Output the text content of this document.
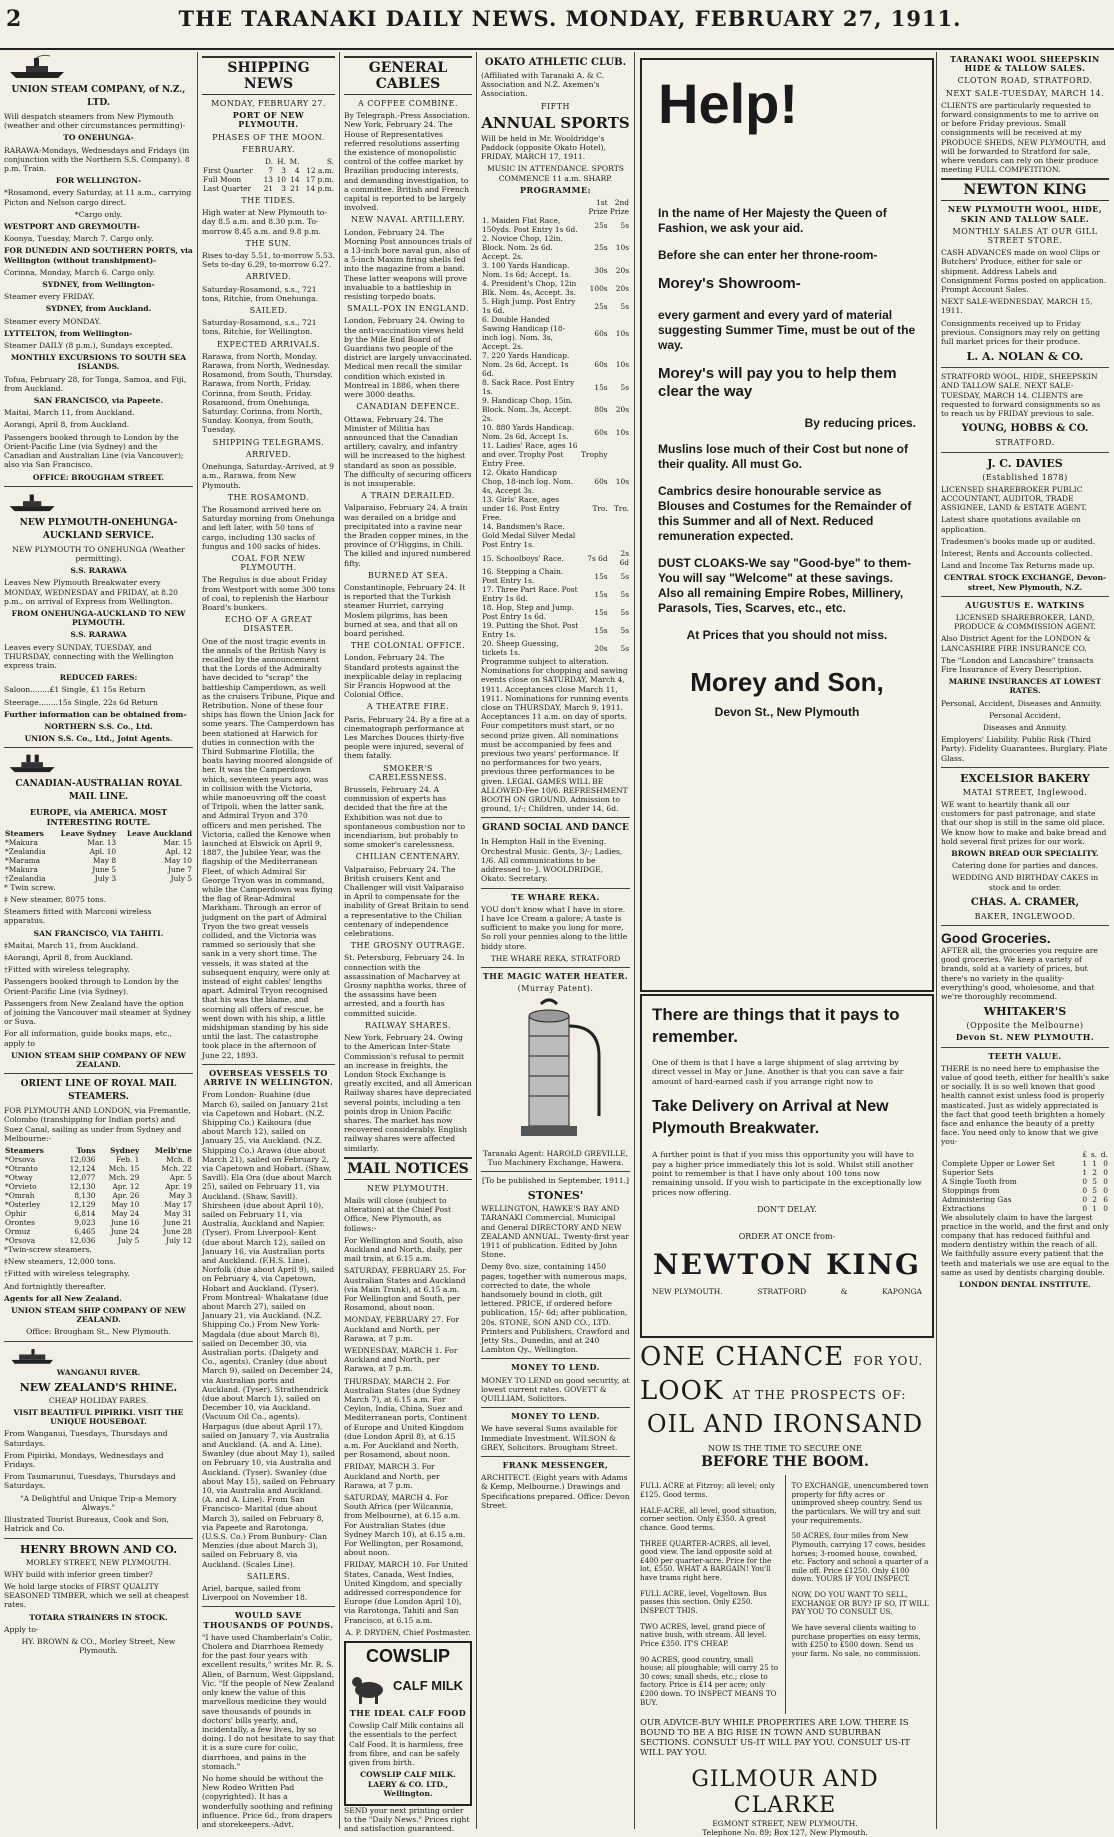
2	THE TARANAKI DAILY NEWS. MONDAY, FEBRUARY 27, 1911.
UNION STEAM COMPANY, of N.Z., LTD.

Will despatch steamers from New Plymouth (weather and other circumstances permitting)-

TO ONEHUNGA-

RARAWA-Mondays, Wednesdays and Fridays (in conjunction with the Northern S.S. Company). 8 p.m. Train.

FOR WELLINGTON-

*Rosamond, every Saturday, at 11 a.m., carrying Picton and Nelson cargo direct.

*Cargo only.

WESTPORT AND GREYMOUTH-

Koonya, Tuesday, March 7. Cargo only.

FOR DUNEDIN AND SOUTHERN PORTS, via Wellington (without transhipment)-

Corinna, Monday, March 6. Cargo only.

SYDNEY, from Wellington-

Steamer every FRIDAY.

SYDNEY, from Auckland.

Steamer every MONDAY.

LYTTELTON, from Wellington-

Steamer DAILY (8 p.m.), Sundays excepted.

MONTHLY EXCURSIONS TO SOUTH SEA ISLANDS.

Tofua, February 28, for Tonga, Samoa, and Fiji, from Auckland.

SAN FRANCISCO, via Papeete.

Maitai, March 11, from Auckland.

Aorangi, April 8, from Auckland.

Passengers booked through to London by the Orient-Pacific Line (via Sydney) and the Canadian and Australian Line (via Vancouver); also via San Francisco.

OFFICE: BROUGHAM STREET.

NEW PLYMOUTH-ONEHUNGA-AUCKLAND SERVICE.

NEW PLYMOUTH TO ONEHUNGA (Weather permitting).

S.S. RARAWA

Leaves New Plymouth Breakwater every MONDAY, WEDNESDAY and FRIDAY, at 8.20 p.m., on arrival of Express from Wellington.

FROM ONEHUNGA-AUCKLAND TO NEW PLYMOUTH.

S.S. RARAWA

Leaves every SUNDAY, TUESDAY, and THURSDAY, connecting with the Wellington express train.

REDUCED FARES:

Saloon........£1 Single, £1 15s Return

Steerage........15s Single, 22s 6d Return

Further information can be obtained from-

NORTHERN S.S. Co., Ltd.

UNION S.S. Co., Ltd., Joint Agents.

CANADIAN-AUSTRALIAN ROYAL MAIL LINE.
EUROPE, via AMERICA. MOST INTERESTING ROUTE.
Steamers	Leave Sydney	Leave Auckland
*Makura	Mar. 13	Mar. 15
*Zealandia	Apl. 10	Apl. 12
*Marama	May 8	May 10
*Makura	June 5	June 7
†Zealandia	July 3	July 5

* Twin screw.

‡ New steamer, 8075 tons.

Steamers fitted with Marconi wireless apparatus.

SAN FRANCISCO, VIA TAHITI.

‡Maitai, March 11, from Auckland.

‡Aorangi, April 8, from Auckland.

†Fitted with wireless telegraphy.

Passengers booked through to London by the Orient-Pacific Line (via Sydney).

Passengers from New Zealand have the option of joining the Vancouver mail steamer at Sydney or Suva.

For all information, guide books maps, etc., apply to

UNION STEAM SHIP COMPANY OF NEW ZEALAND.

ORIENT LINE OF ROYAL MAIL STEAMERS.

FOR PLYMOUTH AND LONDON, via Fremantle, Colombo (transhipping for Indian ports) and Suez Canal, sailing as under from Sydney and Melbourne:-

Steamers	Tons	Sydney	Melb'rne
*Orsova	12,036	Feb. 1	Mch. 8
*Otranto	12,124	Mch. 15	Mch. 22
*Otway	12,077	Mch. 29	Apr. 5
*Orvieto	12,130	Apr. 12	Apr. 19
*Omrah	8,130	Apr. 26	May 3
*Osterley	12,129	May 10	May 17
Ophir	6,814	May 24	May 31
Orontes	9,023	June 16	June 21
Ormuz	6,465	June 24	June 28
*Orsova	12,036	July 5	July 12

*Twin-screw steamers.

‡New steamers, 12,000 tons.

†Fitted with wireless telegraphy.

And fortnightly thereafter.

Agents for all New Zealand.

UNION STEAM SHIP COMPANY OF NEW ZEALAND.

Office: Brougham St., New Plymouth.

WANGANUI RIVER.
NEW ZEALAND'S RHINE.

CHEAP HOLIDAY FARES.

VISIT BEAUTIFUL PIPIRIKI. VISIT THE UNIQUE HOUSEBOAT.

From Wanganui, Tuesdays, Thursdays and Saturdays.

From Pipiriki, Mondays, Wednesdays and Fridays.

From Taumarunui, Tuesdays, Thursdays and Saturdays.

"A Delightful and Unique Trip-a Memory Always."

Illustrated Tourist Bureaux, Cook and Son, Hatrick and Co.

HENRY BROWN AND CO.

MORLEY STREET, NEW PLYMOUTH.

WHY build with inferior green timber?

We hold large stocks of FIRST QUALITY SEASONED TIMBER, which we sell at cheapest rates.

TOTARA STRAINERS IN STOCK.

Apply to-

HY. BROWN & CO., Morley Street, New Plymouth.

SHIPPING NEWS
MONDAY, FEBRUARY 27.
PORT OF NEW PLYMOUTH.
PHASES OF THE MOON.
FEBRUARY.
	D.	H.	M.	S.
First Quarter	7	3	4	12 a.m.
Full Moon	13	10	14	17 p.m.
Last Quarter	21	3	21	14 p.m.
THE TIDES.

High water at New Plymouth to-day 8.5 a.m. and 8.30 p.m. To-morrow 8.45 a.m. and 9.8 p.m.

THE SUN.

Rises to-day 5.51, to-morrow 5.53. Sets to-day 6.29, to-morrow 6.27.

ARRIVED.

Saturday-Rosamond, s.s., 721 tons, Ritchie, from Onehunga.

SAILED.

Saturday-Rosamond, s.s., 721 tons, Ritchie, for Wellington.

EXPECTED ARRIVALS.

Rarawa, from North, Monday. Rarawa, from North, Wednesday. Rosamond, from South, Thursday. Rarawa, from North, Friday. Corinna, from South, Friday. Rosamond, from Onehunga, Saturday. Corinna, from North, Sunday. Koonya, from South, Tuesday.

SHIPPING TELEGRAMS.
ARRIVED.

Onehunga, Saturday.-Arrived, at 9 a.m., Rarawa, from New Plymouth.

THE ROSAMOND.

The Rosamond arrived here on Saturday morning from Onehunga and left later, with 50 tons of cargo, including 130 sacks of fungus and 100 sacks of hides.

COAL FOR NEW PLYMOUTH.

The Regulus is due about Friday from Westport with some 300 tons of coal, to replenish the Harbour Board's bunkers.

ECHO OF A GREAT DISASTER.

One of the most tragic events in the annals of the British Navy is recalled by the announcement that the Lords of the Admiralty have decided to "scrap" the battleship Camperdown, as well as the cruisers Tribune, Pique and Retribution. None of these four ships has flown the Union Jack for some years. The Camperdown has been stationed at Harwich for duties in connection with the Third Submarine Flotilla, the boats having moored alongside of her. It was the Camperdown which, seventeen years ago, was in collision with the Victoria, while manoeuvring off the coast of Tripoli, when the latter sank, and Admiral Tryon and 370 officers and men perished. The Victoria, called the Kenowe when launched at Elswick on April 9, 1887, the Jubilee Year, was the flagship of the Mediterranean Fleet, of which Admiral Sir George Tryon was in command, while the Camperdown was flying the flag of Rear-Admiral Markham. Through an error of judgment on the part of Admiral Tryon the two great vessels collided, and the Victoria was rammed so seriously that she sank in a very short time. The vessels, it was stated at the subsequent enquiry, were only at instead of eight cables' lengths apart. Admiral Tryon recognised that his was the blame, and scorning all offers of rescue, he went down with his ship, a little midshipman standing by his side until the last. The catastrophe took place in the afternoon of June 22, 1893.

OVERSEAS VESSELS TO ARRIVE IN WELLINGTON.

From London- Ruahine (due March 6), sailed on January 21st via Capetown and Hobart. (N.Z. Shipping Co.) Kaikoura (due about March 12), sailed on January 25, via Auckland. (N.Z. Shipping Co.) Arawa (due about March 21), sailed on February 2, via Capetown and Hobart. (Shaw, Savill). Ela Ora (due about March 25), sailed on February 11, via Auckland. (Shaw, Savill). Shirsheen (due about April 10), sailed on February 11, via Australia, Auckland and Napier. (Tyser). From Liverpool- Kent (due about March 12), sailed on January 16, via Australian ports and Auckland. (F.H.S. Line). Norfolk (due about April 9), sailed on February 4, via Capetown, Hobart and Auckland. (Tyser). From Montreal- Whakatane (due about March 27), sailed on January 21, via Auckland. (N.Z. Shipping Co.) From New York- Magdala (due about March 8), sailed on December 30, via Australian ports. (Dalgety and Co., agents). Cranley (due about March 9), sailed on December 24, via Australian ports and Auckland. (Tyser). Strathendrick (due about March 1), sailed on December 10, via Auckland. (Vacuum Oil Co., agents). Harpagus (due about April 17), sailed on January 7, via Australia and Auckland. (A. and A. Line). Swanley (due about May 1), sailed on February 10, via Australia and Auckland. (Tyser). Swanley (due about May 15), sailed on February 10, via Australia and Auckland. (A. and A. Line). From San Francisco- Marital (due about March 3), sailed on February 8, via Papeete and Rarotonga. (U.S.S. Co.) From Bunbury- Clan Menzies (due about March 3), sailed on February 8, via Auckland. (Scales Line).

SAILERS.

Ariel, barque, sailed from Liverpool on November 18.

WOULD SAVE THOUSANDS OF POUNDS.

"I have used Chamberlain's Colic, Cholera and Diarrhoea Remedy for the past four years with excellent results," writes Mr. R. S. Allen, of Barnum, West Gippsland, Vic. "If the people of New Zealand only knew the value of this marvellous medicine they would save thousands of pounds in doctors' bills yearly, and, incidentally, a few lives, by so doing. I do not hesitate to say that it is a sure cure for colic, diarrhoea, and pains in the stomach."

No home should be without the New Rodeo Written Pad (copyrighted). It has a wonderfully soothing and refining influence. Price 6d., from drapers and storekeepers.-Advt.

GENERAL CABLES
A COFFEE COMBINE.

By Telegraph.-Press Association. New York, February 24. The House of Representatives referred resolutions asserting the existence of monopolistic control of the coffee market by Brazilian producing interests, and demanding investigation, to a committee. British and French capital is reported to be largely involved.

NEW NAVAL ARTILLERY.

London, February 24. The Morning Post announces trials of a 13-inch bore naval gun, also of a 5-inch Maxim firing shells fed into the magazine from a band. These latter weapons will prove invaluable to a battleship in resisting torpedo boats.

SMALL-POX IN ENGLAND.

London, February 24. Owing to the anti-vaccination views held by the Mile End Board of Guardians two people of the district are largely unvaccinated. Medical men recall the similar condition which existed in Montreal in 1886, when there were 3000 deaths.

CANADIAN DEFENCE.

Ottawa, February 24. The Minister of Militia has announced that the Canadian artillery, cavalry, and infantry will be increased to the highest standard as soon as possible. The difficulty of securing officers is not insuperable.

A TRAIN DERAILED.

Valparaiso, February 24. A train was derailed on a bridge and precipitated into a ravine near the Braden copper mines, in the province of O'Higgins, in Chili. The killed and injured numbered fifty.

BURNED AT SEA.

Constantinople, February 24. It is reported that the Turkish steamer Hurriet, carrying Moslem pilgrims, has been burned at sea, and that all on board perished.

THE COLONIAL OFFICE.

London, February 24. The Standard protests against the inexplicable delay in replacing Sir Francis Hopwood at the Colonial Office.

A THEATRE FIRE.

Paris, February 24. By a fire at a cinematograph performance at Les Marches Douces thirty-five people were injured, several of them fatally.

SMOKER'S CARELESSNESS.

Brussels, February 24. A commission of experts has decided that the fire at the Exhibition was not due to spontaneous combustion nor to incendiarism, but probably to some smoker's carelessness.

CHILIAN CENTENARY.

Valparaiso, February 24. The British cruisers Kent and Challenger will visit Valparaiso in April to compensate for the inability of Great Britain to send a representative to the Chilian centenary of independence celebrations.

THE GROSNY OUTRAGE.

St. Petersburg, February 24. In connection with the assassination of Macharvey at Grosny naphtha works, three of the assassins have been arrested, and a fourth has committed suicide.

RAILWAY SHARES.

New York, February 24. Owing to the American Inter-State Commission's refusal to permit an increase in freights, the London Stock Exchange is greatly excited, and all American Railway shares have depreciated several points, including a ten points drop in Union Pacific shares. The market has now recovered considerably. English railway shares were affected similarly.

MAIL NOTICES
NEW PLYMOUTH.

Mails will close (subject to alteration) at the Chief Post Office, New Plymouth, as follows:-

For Wellington and South, also Auckland and North, daily, per mail train, at 6.15 a.m.

SATURDAY, FEBRUARY 25. For Australian States and Auckland (via Main Trunk), at 6.15 a.m. For Wellington and South, per Rosamond, about noon.

MONDAY, FEBRUARY 27. For Auckland and North, per Rarawa, at 7 p.m.

WEDNESDAY, MARCH 1. For Auckland and North, per Rarawa, at 7 p.m.

THURSDAY, MARCH 2. For Australian States (due Sydney March 7), at 6.15 a.m. For Ceylon, India, China, Suez and Mediterranean ports, Continent of Europe and United Kingdom (due London April 8), at 6.15 a.m. For Auckland and North, per Rosamond, about noon.

FRIDAY, MARCH 3. For Auckland and North, per Rarawa, at 7 p.m.

SATURDAY, MARCH 4. For South Africa (per Wilcannia, from Melbourne), at 6.15 a.m. For Australian States (due Sydney March 10), at 6.15 a.m. For Wellington, per Rosamond, about noon.

FRIDAY, MARCH 10. For United States, Canada, West Indies, United Kingdom, and specially addressed correspondence for Europe (due London April 10), via Rarotonga, Tahiti and San Francisco, at 6.15 a.m.

A. P. DRYDEN, Chief Postmaster.

COWSLIP
CALF MILK
THE IDEAL CALF FOOD

Cowslip Calf Milk contains all the essentials to the perfect Calf Food. It is harmless, free from fibre, and can be safely given from birth.

COWSLIP CALF MILK. LAERY & CO. LTD., Wellington.

SEND your next printing order to the "Daily News." Prices right and satisfaction guaranteed.

OKATO ATHLETIC CLUB.

(Affiliated with Taranaki A. & C. Association and N.Z. Axemen's Association.

FIFTH
ANNUAL SPORTS

Will be held in Mr. Wooldridge's Paddock (opposite Okato Hotel), FRIDAY, MARCH 17, 1911.

MUSIC IN ATTENDANCE. SPORTS COMMENCE 11 a.m. SHARP.

PROGRAMME:
	1st	2nd
	Prize	Prize
1. Maiden Flat Race, 150yds. Post Entry 1s 6d.	25s	5s
2. Novice Chop, 12in. Block. Nom. 2s 6d. Accept. 2s.	25s	10s
3. 100 Yards Handicap. Nom. 1s 6d; Accept. 1s.	30s	20s
4. President's Chop, 12in Blk. Nom. 4s, Accept. 3s.	100s	20s
5. High Jump. Post Entry 1s 6d.	25s	5s
6. Double Handed Sawing Handicap (18-inch log). Nom. 3s, Accept. 2s.	60s	10s
7. 220 Yards Handicap. Nom. 2s 6d, Accept. 1s 6d.	60s	10s
8. Sack Race. Post Entry 1s.	15s	5s
9. Handicap Chop, 15in. Block. Nom. 3s, Accept. 2s.	80s	20s
10. 880 Yards Handicap. Nom. 2s 6d, Accept 1s.	60s	10s
11. Ladies' Race, ages 16 and over. Trophy Post Entry Free.	Trophy	
12. Okato Handicap Chop, 18-inch log. Nom. 4s, Accept 3s.	60s	10s
13. Girls' Race, ages under 16. Post Entry Free.	Tro.	Tro.
14. Bandsmen's Race.		
Gold Medal Silver Medal Post Entry 1s.		
15. Schoolboys' Race.	7s 6d	2s 6d
16. Stepping a Chain. Post Entry 1s.	15s	5s
17. Three Part Race. Post Entry 1s 6d.	15s	5s
18. Hop, Step and Jump. Post Entry 1s 6d.	15s	5s
19. Putting the Shot. Post Entry 1s.	15s	5s
20. Sheep Guessing, tickets 1s.	20s	5s

Programme subject to alteration. Nominations for chopping and sawing events close on SATURDAY, March 4, 1911. Acceptances close March 11, 1911. Nominations for running events close on THURSDAY, March 9, 1911. Acceptances 11 a.m. on day of sports. Four competitors must start, or no second prize given. All nominations must be accompanied by fees and previous two years' performance. If no performances for two years, previous three performances to be given. LEGAL GAMES WILL BE ALLOWED-Fee 10/6. REFRESHMENT BOOTH ON GROUND. Admission to ground, 1/-; Children, under 14, 6d.

GRAND SOCIAL AND DANCE

In Hempton Hall in the Evening. Orchestral Music. Gents, 3/-; Ladies, 1/6. All communications to be addressed to- J. WOOLDRIDGE, Okato. Secretary.

TE WHARE REKA.

YOU don't know what I have in store. I have Ice Cream a galore; A taste is sufficient to make you long for more, So roll your pennies along to the little biddy store.

THE WHARE REKA, STRATFORD

THE MAGIC WATER HEATER.
(Murray Patent).

Taranaki Agent: HAROLD GREVILLE, Tuo Machinery Exchange, Hawera.

[To be published in September, 1911.]

STONES'

WELLINGTON, HAWKE'S BAY AND TARANAKI Commercial, Municipal and General DIRECTORY AND NEW ZEALAND ANNUAL. Twenty-first year 1911 of publication. Edited by John Stone.

Demy 8vo. size, containing 1450 pages, together with numerous maps, corrected to date, the whole handsomely bound in cloth, gilt lettered. PRICE, if ordered before publication, 15/- 6d; after publication, 20s. STONE, SON AND CO., LTD. Printers and Publishers, Crawford and Jetty Sts., Dunedin, and at 240 Lambton Qy., Wellington.

MONEY TO LEND.

MONEY TO LEND on good security, at lowest current rates. GOVETT & QUILLIAM, Solicitors.

MONEY TO LEND.

We have several Sums available for Immediate Investment. WILSON & GREY, Solicitors. Brougham Street.

FRANK MESSENGER,

ARCHITECT. (Eight years with Adams & Kemp, Melbourne.) Drawings and Specifications prepared. Office: Devon Street.

Help!

In the name of Her Majesty the Queen of Fashion, we ask your aid.

Before she can enter her throne-room-

Morey's Showroom-

every garment and every yard of material suggesting Summer Time, must be out of the way.

Morey's will pay you to help them clear the way

By reducing prices.

Muslins lose much of their Cost but none of their quality. All must Go.

Cambrics desire honourable service as Blouses and Costumes for the Remainder of this Summer and all of Next. Reduced remuneration expected.

DUST CLOAKS-We say "Good-bye" to them-You will say "Welcome" at these savings. Also all remaining Empire Robes, Millinery, Parasols, Ties, Scarves, etc., etc.

At Prices that you should not miss.

Morey and Son,
Devon St., New Plymouth
There are things that it pays to remember.

One of them is that I have a large shipment of slag arriving by direct vessel in May or June. Another is that you can save a fair amount of hard-earned cash if you arrange right now to

Take Delivery on Arrival at New Plymouth Breakwater.

A further point is that if you miss this opportunity you will have to pay a higher price immediately this lot is sold. Whilst still another point to remember is that I have only about 100 tons now remaining unsold. If you wish to participate in the exceptionally low prices now offering.

DON'T DELAY.

ORDER AT ONCE from-

NEWTON KING
NEW PLYMOUTH.	STRATFORD	&	KAPONGA
ONE CHANCE FOR YOU.
LOOK AT THE PROSPECTS OF:
OIL AND IRONSAND
NOW IS THE TIME TO SECURE ONE
BEFORE THE BOOM.

FULL ACRE at Fitzroy; all level; only £125. Good terms.

HALF-ACRE, all level, good situation, corner section. Only £350. A great chance. Good terms.

THREE QUARTER-ACRES, all level, good view. The land opposite sold at £400 per quarter-acre. Price for the lot, £550. WHAT A BARGAIN! You'll have trams right here.

FULL ACRE, level, Vogeltown. Bus passes this section. Only £250. INSPECT THIS.

TWO ACRES, level, grand piece of native bush, with stream. All level. Price £350. IT'S CHEAP.

90 ACRES, good country, small house; all ploughable; will carry 25 to 30 cows; small sheds, etc.; close to factory. Price is £14 per acre; only £200 down. TO INSPECT MEANS TO BUY.

TO EXCHANGE, unencumbered town property for fifty acres or unimproved sheep country. Send us the particulars. We will try and suit your requirements.

50 ACRES, four miles from New Plymouth, carrying 17 cows, besides horses; 3-roomed house, cowshed, etc. Factory and school a quarter of a mile off. Price £1250. Only £100 down. YOURS IF YOU INSPECT.

NOW, DO YOU WANT TO SELL, EXCHANGE OR BUY? IF SO, IT WILL PAY YOU TO CONSULT US.

We have several clients waiting to purchase properties on easy terms, with £250 to £500 down. Send us your farm. No sale, no commission.

OUR ADVICE-BUY WHILE PROPERTIES ARE LOW. THERE IS BOUND TO BE A BIG RISE IN TOWN AND SUBURBAN SECTIONS. CONSULT US-IT WILL PAY YOU. CONSULT US-IT WILL PAY YOU.

GILMOUR AND CLARKE
EGMONT STREET, NEW PLYMOUTH.
Telephone No. 89; Box 127, New Plymouth.
TARANAKI WOOL SHEEPSKIN HIDE & TALLOW SALES.
CLOTON ROAD, STRATFORD.
NEXT SALE-TUESDAY, MARCH 14.

CLIENTS are particularly requested to forward consignments to me to arrive on or before Friday previous. Small consignments will be received at my PRODUCE SHEDS, NEW PLYMOUTH, and will be forwarded to Stratford for sale, where vendors can rely on their produce meeting FULL COMPETITION.

NEWTON KING
NEW PLYMOUTH WOOL, HIDE, SKIN AND TALLOW SALE.
MONTHLY SALES AT OUR GILL STREET STORE.

CASH ADVANCES made on wool Clips or Butchers' Produce, either for sale or shipment. Address Labels and Consignment Forms posted on application. Prompt Account Sales.

NEXT SALE-WEDNESDAY, MARCH 15, 1911.

Consignments received up to Friday previous. Consignors may rely on getting full market prices for their produce.

L. A. NOLAN & CO.

STRATFORD WOOL, HIDE, SHEEPSKIN AND TALLOW SALE. NEXT SALE-TUESDAY, MARCH 14. CLIENTS are requested to forward consignments so as to reach us by FRIDAY previous to sale.

YOUNG, HOBBS & CO.
STRATFORD.
J. C. DAVIES
(Established 1878)

LICENSED SHAREBROKER PUBLIC ACCOUNTANT, AUDITOR, TRADE ASSIGNEE, LAND & ESTATE AGENT.

Latest share quotations available on application.

Tradesmen's books made up or audited.

Interest, Rents and Accounts collected.

Land and Income Tax Returns made up.

CENTRAL STOCK EXCHANGE, Devon-street, New Plymouth, N.Z.

AUGUSTUS E. WATKINS

LICENSED SHAREBROKER, LAND, PRODUCE & COMMISSION AGENT.

Also District Agent for the LONDON & LANCASHIRE FIRE INSURANCE CO.

The "London and Lancashire" transacts Fire Insurance of Every Description.

MARINE INSURANCES AT LOWEST RATES.

Personal, Accident, Diseases and Annuity.

Personal Accident.

Diseases and Annuity.

Employers' Liability. Public Risk (Third Party). Fidelity Guarantees. Burglary. Plate Glass.

EXCELSIOR BAKERY
MATAI STREET, Inglewood.

WE want to heartily thank all our customers for past patronage, and state that our shop is still in the same old place. We know how to make and bake bread and hold several first prizes for our work.

BROWN BREAD OUR SPECIALITY.

Catering done for parties and dances.

WEDDING AND BIRTHDAY CAKES in stock and to order.

CHAS. A. CRAMER,
BAKER, INGLEWOOD.
Good Groceries.

AFTER all, the groceries you require are good groceries. We keep a variety of brands, sold at a variety of prices, but there's no variety in the quality-everything's good, wholesome, and that we're thoroughly recommend.

WHITAKER'S
(Opposite the Melbourne)
Devon St. NEW PLYMOUTH.
TEETH VALUE.

THERE is no need here to emphasise the value of good teeth, either for health's sake or socially. It is so well known that good health cannot exist unless food is properly masticated. Just as widely appreciated is the fact that good teeth brighten a homely face and enhance the beauty of a pretty face. You need only to know that we give you-

	£	s.	d.
Complete Upper or Lower Set	1	1	0
Superior Sets	1	2	0
A Single Tooth from	0	5	0
Stoppings from	0	5	0
Administering Gas	0	2	6
Extractions	0	1	0

We absolutely claim to have the largest practice in the world, and the first and only company that has reduced faithful and modern dentistry within the reach of all. We faithfully assure every patient that the teeth and materials we use are equal to the same as used by dentists charging double.

LONDON DENTAL INSTITUTE.
